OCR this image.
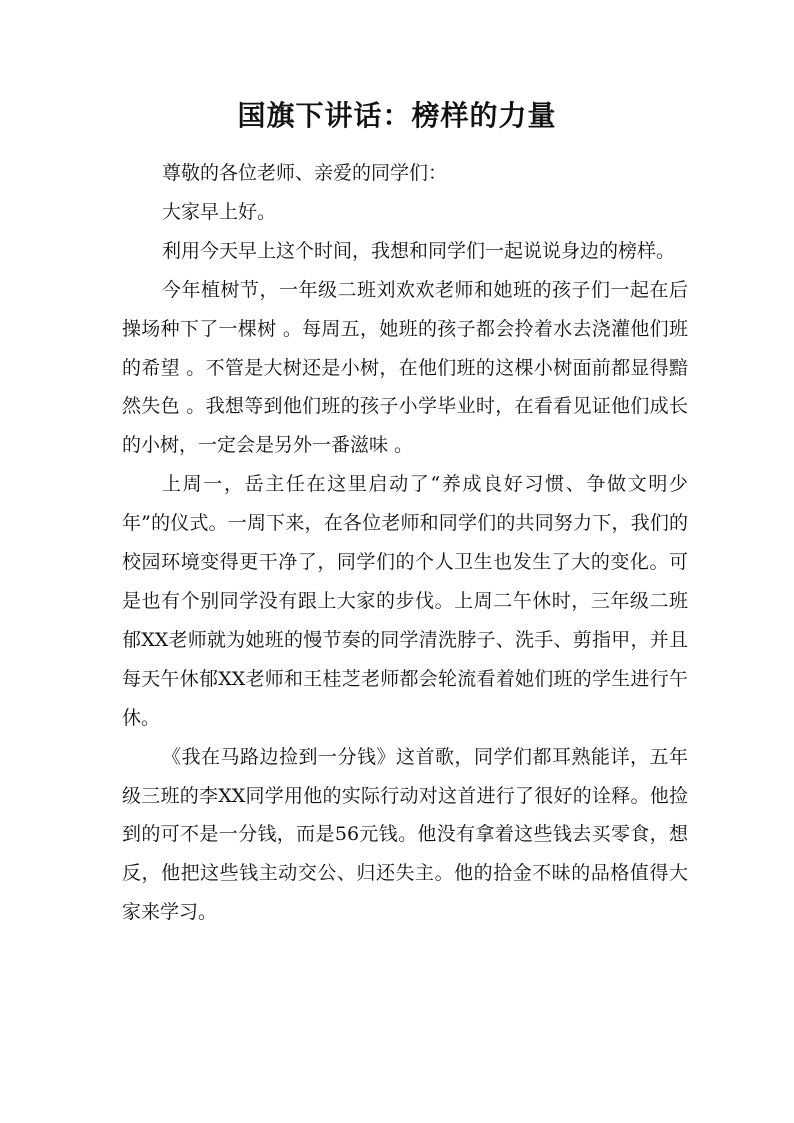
国旗下讲话：榜样的力量

尊敬的各位老师、亲爱的同学们：

大家早上好。

利用今天早上这个时间，我想和同学们一起说说身边的榜样。

今年植树节，一年级二班刘欢欢老师和她班的孩子们一起在后操场种下了一棵树 。每周五，她班的孩子都会拎着水去浇灌他们班的希望 。不管是大树还是小树，在他们班的这棵小树面前都显得黯然失色 。我想等到他们班的孩子小学毕业时，在看看见证他们成长的小树，一定会是另外一番滋味 。

上周一，岳主任在这里启动了“养成良好习惯、争做文明少年”的仪式。一周下来，在各位老师和同学们的共同努力下，我们的校园环境变得更干净了，同学们的个人卫生也发生了大的变化。可是也有个别同学没有跟上大家的步伐。上周二午休时，三年级二班郁XX老师就为她班的慢节奏的同学清洗脖子、洗手、剪指甲，并且每天午休郁XX老师和王桂芝老师都会轮流看着她们班的学生进行午休。

《我在马路边捡到一分钱》这首歌，同学们都耳熟能详，五年级三班的李XX同学用他的实际行动对这首进行了很好的诠释。他捡到的可不是一分钱，而是56元钱。他没有拿着这些钱去买零食，想反，他把这些钱主动交公、归还失主。他的拾金不昧的品格值得大家来学习。
